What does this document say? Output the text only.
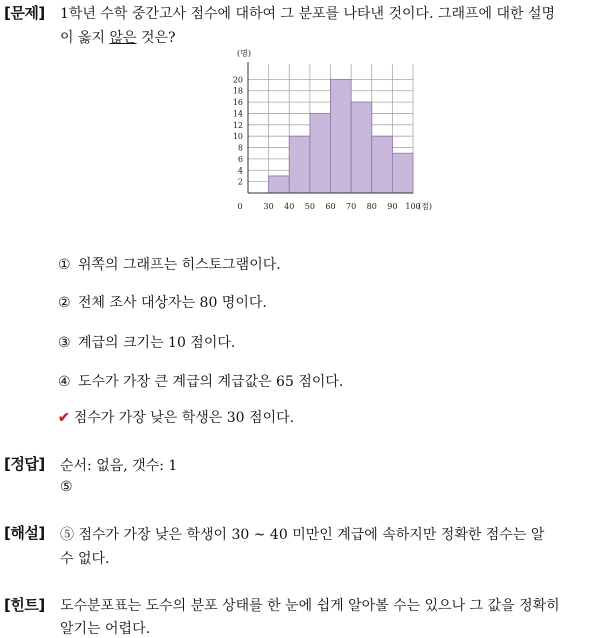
[문제] 1학년 수학 중간고사 점수에 대하여 그 분포를 나타낸 것이다. 그래프에 대한 설명
이 옳지 않은 것은?
2
4
6
8
10
12
14
16
18
20
0	30 40 50 60 70 80 90 100
(명)
(점)
① 위쪽의 그래프는 히스토그램이다.
② 전체 조사 대상자는 80 명이다.
③ 계급의 크기는 10 점이다.
④ 도수가 가장 큰 계급의 계급값은 65 점이다.
✔ 점수가 가장 낮은 학생은 30 점이다.
[정답] 순서: 없음, 갯수: 1
⑤
[해설] ⑤ 점수가 가장 낮은 학생이 30 ~ 40 미만인 계급에 속하지만 정확한 점수는 알
수 없다.
[힌트] 도수분포표는 도수의 분포 상태를 한 눈에 쉽게 알아볼 수는 있으나 그 값을 정확히
알기는 어렵다.
